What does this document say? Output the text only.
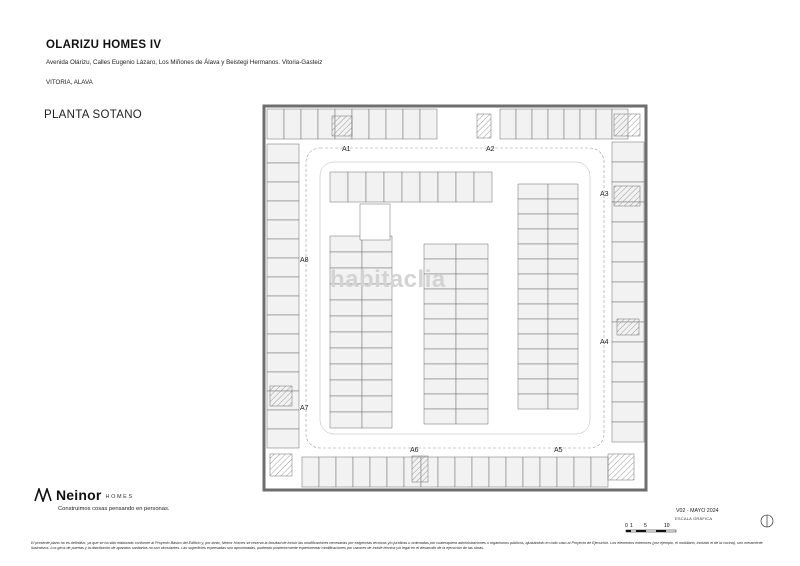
OLARIZU HOMES IV
Avenida Olárizu, Calles Eugenio Lázaro, Los Miñones de Álava y Beistegi Hermanos. Vitoria-Gasteiz
VITORIA, ALAVA
PLANTA SOTANO
A1	A2
A3
A4
A5
A6
A7
A8
habitaclia
Neinor HOMES
Construimos cosas pensando en personas.	V02 - MAYO 2024
ESCALA GRÁFICA
0 1 5	10
El presente plano no es definitivo, ya que se ha sido elaborado conforme al Proyecto Básico del Edificio y, por tanto, Neinor Homes se reserva la facultad de incluir las modificaciones necesarias por exigencias técnicas y/o jurídicas u ordenadas por cualesquiera administraciones u organismos públicos, ajustándolo en todo caso al Proyecto de Ejecución. Los elementos exteriores (por ejemplo, el mobiliario, incluido el de la cocina), son meramente ilustrativos. Los giros de puertas y la distribución de aparatos sanitarios no son vinculantes. Las superficies expresadas son aproximadas, pudiendo posteriormente experimentar modificaciones por razones de índole técnica y/o legal en el desarrollo de la ejecución de las obras.
